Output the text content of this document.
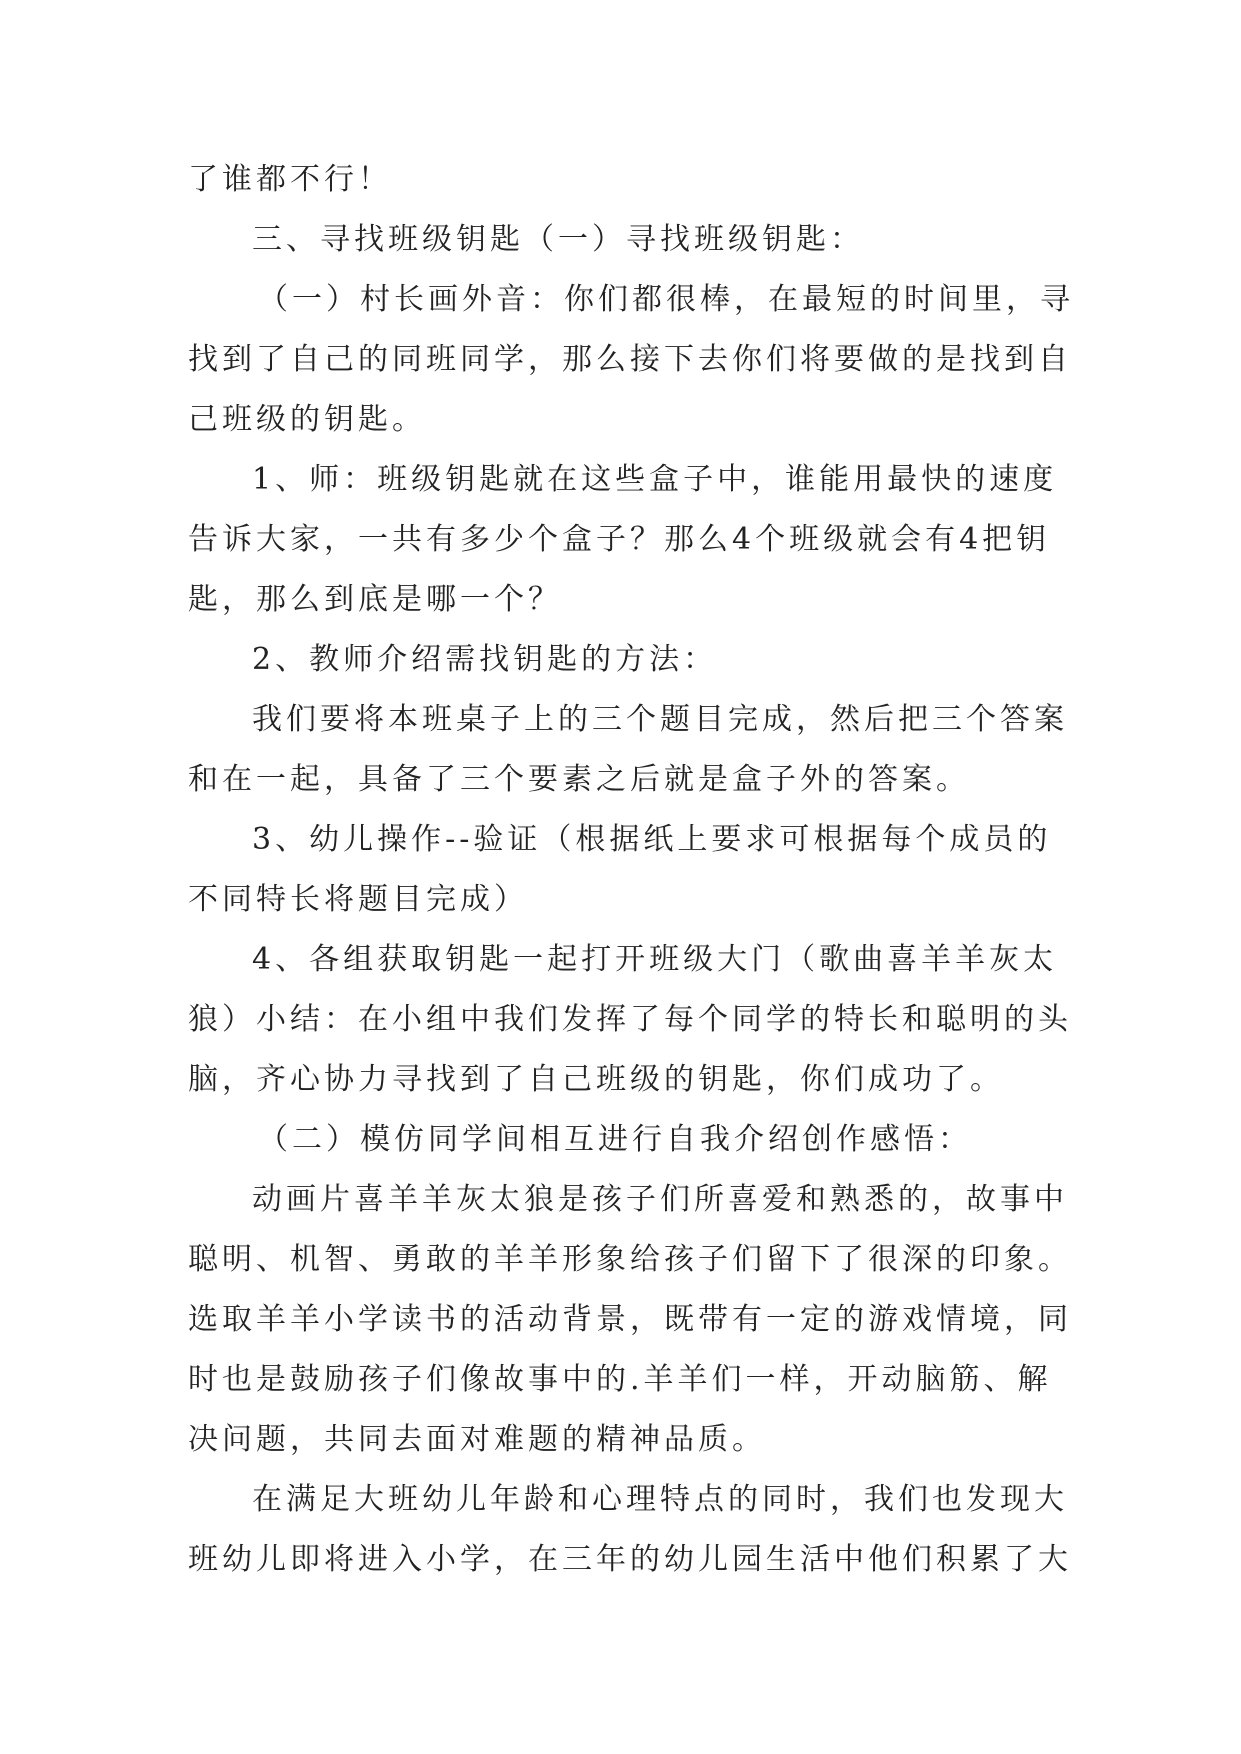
了谁都不行！
三、寻找班级钥匙（一）寻找班级钥匙：
（一）村长画外音：你们都很棒，在最短的时间里，寻
找到了自己的同班同学，那么接下去你们将要做的是找到自
己班级的钥匙。
1、师：班级钥匙就在这些盒子中，谁能用最快的速度
告诉大家，一共有多少个盒子？那么4个班级就会有4把钥
匙，那么到底是哪一个？
2、教师介绍需找钥匙的方法：
我们要将本班桌子上的三个题目完成，然后把三个答案
和在一起，具备了三个要素之后就是盒子外的答案。
3、幼儿操作--验证（根据纸上要求可根据每个成员的
不同特长将题目完成）
4、各组获取钥匙一起打开班级大门（歌曲喜羊羊灰太
狼）小结：在小组中我们发挥了每个同学的特长和聪明的头
脑，齐心协力寻找到了自己班级的钥匙，你们成功了。
（二）模仿同学间相互进行自我介绍创作感悟：
动画片喜羊羊灰太狼是孩子们所喜爱和熟悉的，故事中
聪明、机智、勇敢的羊羊形象给孩子们留下了很深的印象。
选取羊羊小学读书的活动背景，既带有一定的游戏情境，同
时也是鼓励孩子们像故事中的.羊羊们一样，开动脑筋、解
决问题，共同去面对难题的精神品质。
在满足大班幼儿年龄和心理特点的同时，我们也发现大
班幼儿即将进入小学，在三年的幼儿园生活中他们积累了大
